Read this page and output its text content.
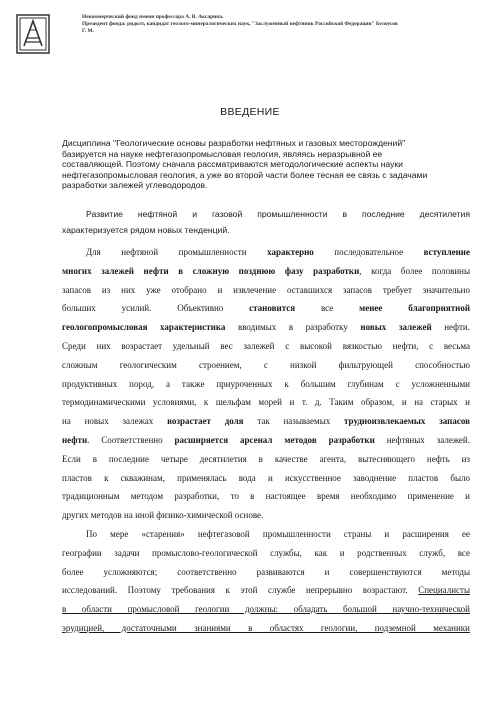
Некоммерческий фонд имени профессора А. В. Аксарина.
Президент фонда: ридолт, кандидат геолого-минералогических наук, "Заслуженный нефтяник Российской Федерации" Белоусов
Г. М.
ВВЕДЕНИЕ
Дисциплина "Геологические основы разработки нефтяных и газовых месторождений"
базируется на науке нефтегазопромысловая геология, являясь неразрывной ее
составляющей. Поэтому сначала рассматриваются методологические аспекты науки
нефтегазопромысловая геология, а уже во второй части более тесная ее связь с задачами
разработки залежей углеводородов.
Развитие нефтяной и газовой промышленности в последние десятилетия
характеризуется рядом новых тенденций.
Для нефтяной промышленности характерно последовательное вступление
многих залежей нефти в сложную позднюю фазу разработки, когда более половины
запасов из них уже отобрано и извлечение оставшихся запасов требует значительно
больших усилий. Объективно становится все менее благоприятной
геологопромысловая характеристика вводимых в разработку новых залежей нефти.
Среди них возрастает удельный вес залежей с высокой вязкостью нефти, с весьма
сложным геологическим строением, с низкой фильтрующей способностью
продуктивных пород, а также приуроченных к большим глубинам с усложненными
термодинамическими условиями, к шельфам морей и т. д. Таким образом, и на старых и
на новых залежах возрастает доля так называемых трудноизвлекаемых запасов
нефти. Соответственно расширяется арсенал методов разработки нефтяных залежей.
Если в последние четыре десятилетия в качестве агента, вытесняющего нефть из
пластов к скважинам, применялась вода и искусственное заводнение пластов было
традиционным методом разработки, то в настоящее время необходимо применение и
других методов на иной физико-химической основе.
По мере «старения» нефтегазовой промышленности страны и расширения ее
географии задачи промыслово-геологической службы, как и родственных служб, все
более усложняются; соответственно развиваются и совершенствуются методы
исследований. Поэтому требования к этой службе непрерывно возрастают. Специалисты
в области промысловой геологии должны: обладать большой научно-технической
эрудицией, достаточными знаниями в областях геологии, подземной механики
